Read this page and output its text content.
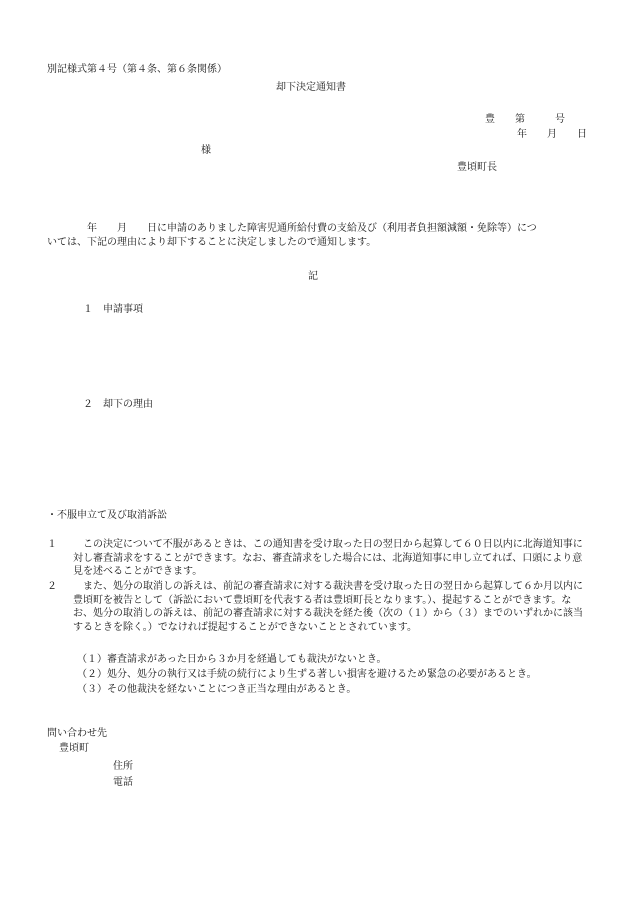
別記様式第４号（第４条、第６条関係）
却下決定通知書
豊　　第　　　号
年　　月　　日
様
豊頃町長
　　　　年　　月　　日に申請のありました障害児通所給付費の支給及び（利用者負担額減額・免除等）につ
いては、下記の理由により却下することに決定しましたので通知します。
記
１　申請事項
２　却下の理由
・不服申立て及び取消訴訟
１	この決定について不服があるときは、この通知書を受け取った日の翌日から起算して６０日以内に北海道知事に対し審査請求をすることができます。なお、審査請求をした場合には、北海道知事に申し立てれば、口頭により意見を述べることができます。
２	また、処分の取消しの訴えは、前記の審査請求に対する裁決書を受け取った日の翌日から起算して６か月以内に豊頃町を被告として（訴訟において豊頃町を代表する者は豊頃町長となります。）、提起することができます。なお、処分の取消しの訴えは、前記の審査請求に対する裁決を経た後（次の（１）から（３）までのいずれかに該当するときを除く。）でなければ提起することができないこととされています。
（１）審査請求があった日から３か月を経過しても裁決がないとき。
（２）処分、処分の執行又は手続の続行により生ずる著しい損害を避けるため緊急の必要があるとき。
（３）その他裁決を経ないことにつき正当な理由があるとき。
問い合わせ先
豊頃町
住所
電話
